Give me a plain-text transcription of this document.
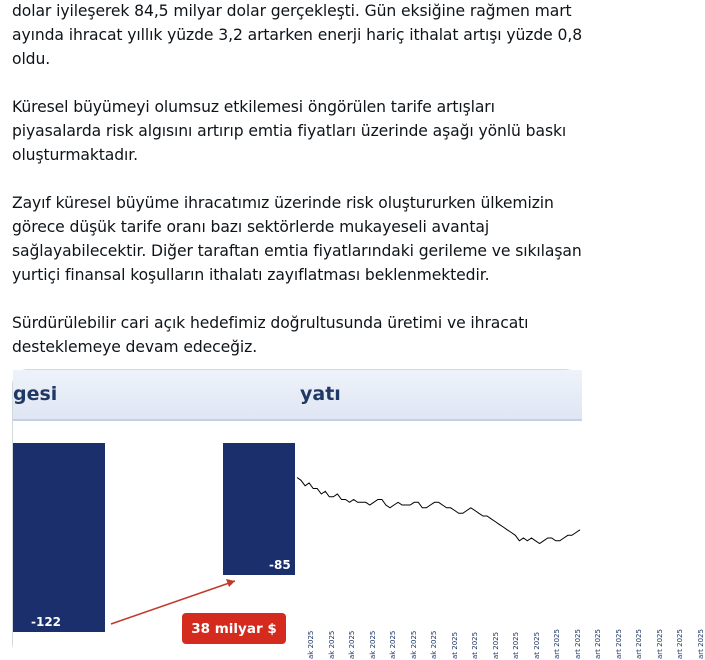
dolar iyileşerek 84,5 milyar dolar gerçekleşti. Gün eksiğine rağmen mart ayında ihracat yıllık yüzde 3,2 artarken enerji hariç ithalat artışı yüzde 0,8 oldu.

Küresel büyümeyi olumsuz etkilemesi öngörülen tarife artışları piyasalarda risk algısını artırıp emtia fiyatları üzerinde aşağı yönlü baskı oluşturmaktadır.

Zayıf küresel büyüme ihracatımız üzerinde risk oluştururken ülkemizin görece düşük tarife oranı bazı sektörlerde mukayeseli avantaj sağlayabilecektir. Diğer taraftan emtia fiyatlarındaki gerileme ve sıkılaşan yurtiçi finansal koşulların ithalatı zayıflatması beklenmektedir.

Sürdürülebilir cari açık hedefimiz doğrultusunda üretimi ve ihracatı desteklemeye devam edeceğiz.

gesi
-122
-85
38 milyar $
yatı
ak 2025 ak 2025 ak 2025 ak 2025 ak 2025 ak 2025 ak 2025 at 2025 at 2025 at 2025 at 2025 at 2025 art 2025 art 2025 art 2025 art 2025 art 2025 art 2025 art 2025 art 2025
